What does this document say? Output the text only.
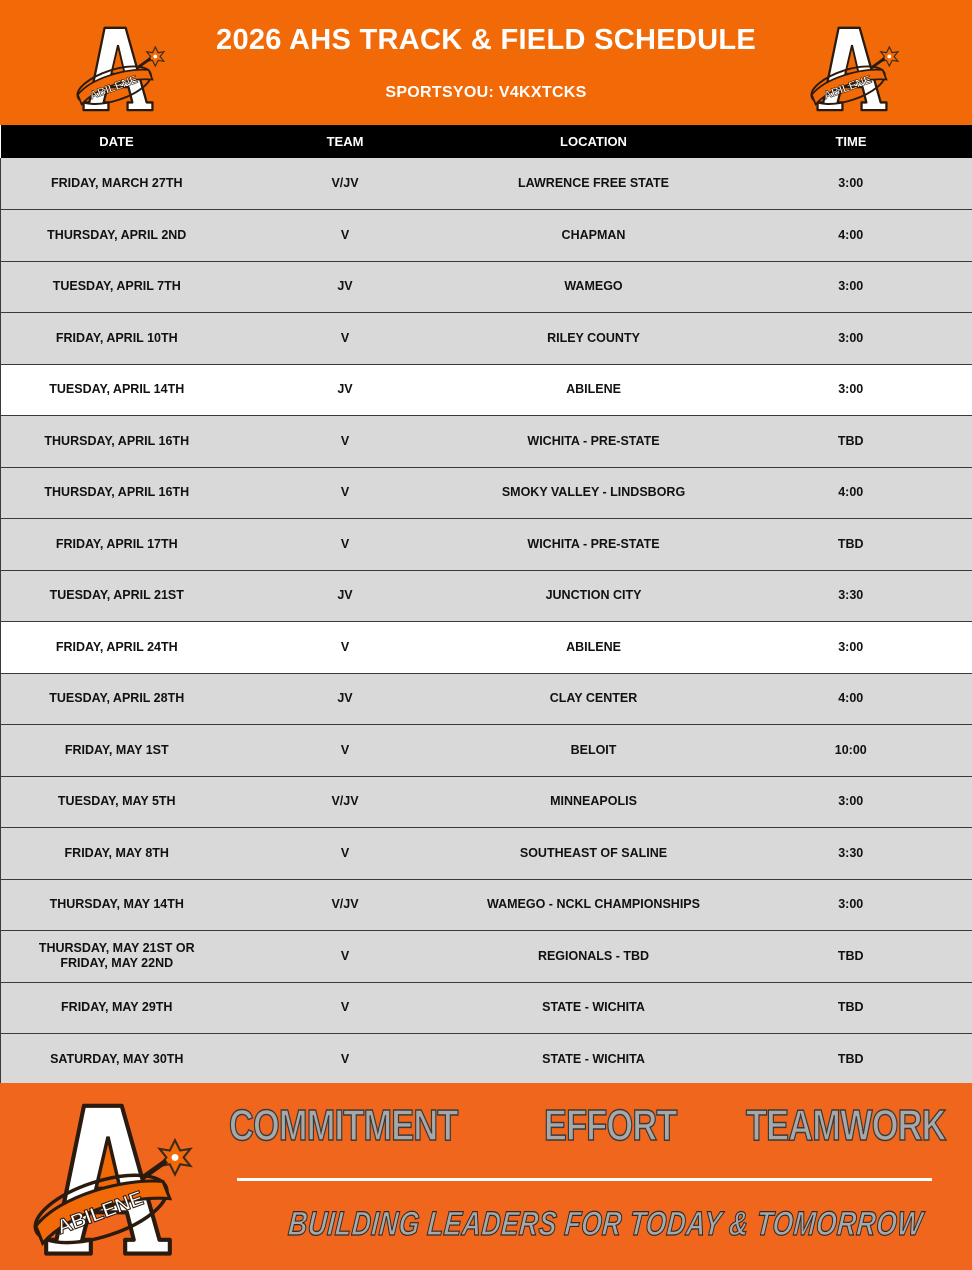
2026 AHS TRACK & FIELD SCHEDULE
SPORTSYOU: V4KXTCKS
DATE	TEAM	LOCATION	TIME
FRIDAY, MARCH 27TH	V/JV	LAWRENCE FREE STATE	3:00
THURSDAY, APRIL 2ND	V	CHAPMAN	4:00
TUESDAY, APRIL 7TH	JV	WAMEGO	3:00
FRIDAY, APRIL 10TH	V	RILEY COUNTY	3:00
TUESDAY, APRIL 14TH	JV	ABILENE	3:00
THURSDAY, APRIL 16TH	V	WICHITA - PRE-STATE	TBD
THURSDAY, APRIL 16TH	V	SMOKY VALLEY - LINDSBORG	4:00
FRIDAY, APRIL 17TH	V	WICHITA - PRE-STATE	TBD
TUESDAY, APRIL 21ST	JV	JUNCTION CITY	3:30
FRIDAY, APRIL 24TH	V	ABILENE	3:00
TUESDAY, APRIL 28TH	JV	CLAY CENTER	4:00
FRIDAY, MAY 1ST	V	BELOIT	10:00
TUESDAY, MAY 5TH	V/JV	MINNEAPOLIS	3:00
FRIDAY, MAY 8TH	V	SOUTHEAST OF SALINE	3:30
THURSDAY, MAY 14TH	V/JV	WAMEGO - NCKL CHAMPIONSHIPS	3:00
THURSDAY, MAY 21ST OR
FRIDAY, MAY 22ND	V	REGIONALS - TBD	TBD
FRIDAY, MAY 29TH	V	STATE - WICHITA	TBD
SATURDAY, MAY 30TH	V	STATE - WICHITA	TBD
COMMITMENT EFFORT TEAMWORK
BUILDING LEADERS FOR TODAY & TOMORROW
